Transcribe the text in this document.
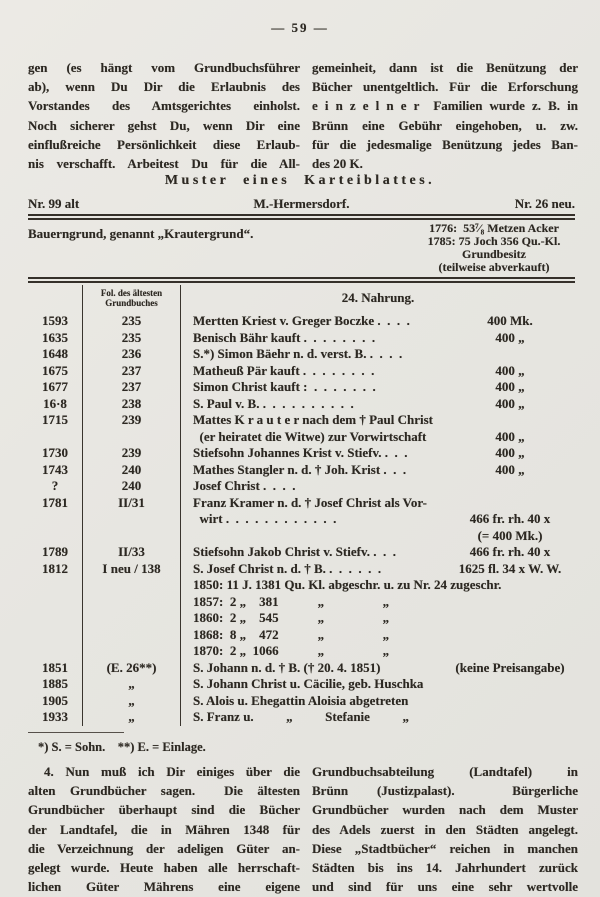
— 59 —
gen (es hängt vom Grundbuchsführer
ab), wenn Du Dir die Erlaubnis des
Vorstandes des Amtsgerichtes einholst.
Noch sicherer gehst Du, wenn Dir eine
einflußreiche Persönlichkeit diese Erlaub-
nis verschafft. Arbeitest Du für die All-
gemeinheit, dann ist die Benützung der
Bücher unentgeltlich. Für die Erforschung
e i n z e l n e r  Familien wurde z. B. in
Brünn eine Gebühr eingehoben, u. zw.
für die jedesmalige Benützung jedes Ban-
des 20 K.
Muster eines Karteiblattes.
Nr. 99 alt	M.-Hermersdorf.	Nr. 26 neu.
Bauerngrund, genannt „Krautergrund“.	1776:  53⁷⁄₈ Metzen Acker
1785: 75 Joch 356 Qu.-Kl.
Grundbesitz
(teilweise abverkauft)
Fol. des ältesten
Grundbuches	24. Nahrung.
1593	235	Mertten Kriest v. Greger Boczke .  .  .  .	400 Mk.
1635	235	Benisch Bähr kauft .  .  .  .  .  .  .  .	400 „
1648	236	S.*) Simon Bäehr n. d. verst. B. .  .  .  .
1675	237	Matheuß Pär kauft .  .  .  .  .  .  .  .	400 „
1677	237	Simon Christ kauft :  .  .  .  .  .  .  .	400 „
16·8	238	S. Paul v. B. .  .  .  .  .  .  .  .  .  .	400 „
1715	239	Mattes K r a u t e r nach dem † Paul Christ
(er heiratet die Witwe) zur Vorwirtschaft	400 „
1730	239	Stiefsohn Johannes Krist v. Stiefv. .  .  .	400 „
1743	240	Mathes Stangler n. d. † Joh. Krist .  .  .	400 „
?	240	Josef Christ .  .  .  .
1781	II/31	Franz Kramer n. d. † Josef Christ als Vor-
wirt .  .  .  .  .  .  .  .  .  .  .  .	466 fr. rh. 40 x
(= 400 Mk.)
1789	II/33	Stiefsohn Jakob Christ v. Stiefv. .  .  .	466 fr. rh. 40 x
1812	I neu / 138	S. Josef Christ n. d. † B. .  .  .  .  .  .	1625 fl. 34 x W. W.
1850: 11 J. 1381 Qu. Kl. abgeschr. u. zu Nr. 24 zugeschr.
1857:  2 „    381            „                  „
1860:  2 „    545            „                  „
1868:  8 „    472            „                  „
1870:  2 „  1066            „                  „
1851	(E. 26**)	S. Johann n. d. † B. († 20. 4. 1851)	(keine Preisangabe)
1885	„	S. Johann Christ u. Cäcilie, geb. Huschka
1905	„	S. Alois u. Ehegattin Aloisia abgetreten
1933	„	S. Franz u.          „          Stefanie          „
*) S. = Sohn.    **) E. = Einlage.
4. Nun muß ich Dir einiges über die
alten Grundbücher sagen.  Die ältesten
Grundbücher überhaupt sind die Bücher
der Landtafel, die in Mähren 1348 für
die Verzeichnung der adeligen Güter an-
gelegt wurde. Heute haben alle herrschaft-
lichen Güter Mährens eine eigene
Grundbuchsabteilung (Landtafel) in
Brünn (Justizpalast).  Bürgerliche
Grundbücher wurden nach dem Muster
des Adels zuerst in den Städten angelegt.
Diese „Stadtbücher“ reichen in manchen
Städten bis ins 14. Jahrhundert zurück
und sind für uns eine sehr wertvolle
